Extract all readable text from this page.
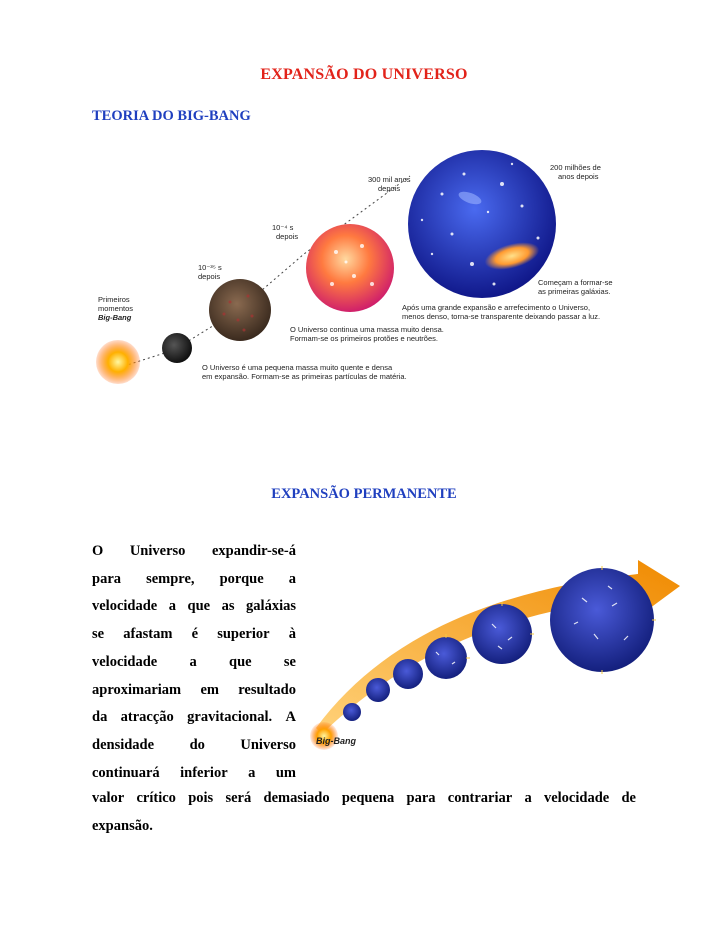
EXPANSÃO DO UNIVERSO
TEORIA DO BIG-BANG
Primeiros
momentos
Big-Bang
10⁻³⁵ s
depois
10⁻⁴ s
depois
300 mil anos
depois
200 milhões de
anos depois
O Universo é uma pequena massa muito quente e densa
em expansão. Formam-se as primeiras partículas de matéria.
O Universo continua uma massa muito densa.
Formam-se os primeiros protões e neutrões.
Após uma grande expansão e arrefecimento o Universo,
menos denso, torna-se transparente deixando passar a luz.
Começam a formar-se
as primeiras galáxias.
EXPANSÃO PERMANENTE
O Universo expandir-se-á
para sempre, porque a
velocidade a que as galáxias
se afastam é superior à
velocidade a que se
aproximariam em resultado
da atracção gravitacional. A
densidade do Universo
continuará inferior a um
valor crítico pois será demasiado pequena para contrariar a velocidade de
expansão.
Big-Bang
